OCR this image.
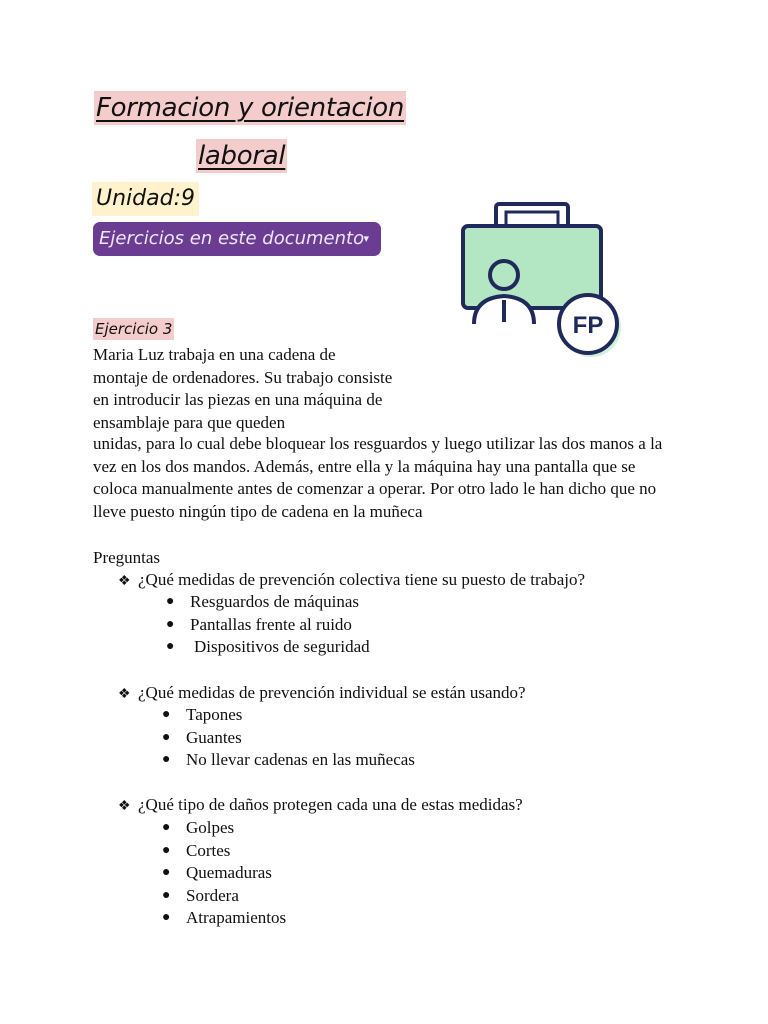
Formacion y orientacion
laboral
Unidad:9
Ejercicios en este documento ▾
FP
Ejercicio 3

Maria Luz trabaja en una cadena de montaje de ordenadores. Su trabajo consiste en introducir las piezas en una máquina de ensamblaje para que queden

unidas, para lo cual debe bloquear los resguardos y luego utilizar las dos manos a la vez en los dos mandos. Además, entre ella y la máquina hay una pantalla que se coloca manualmente antes de comenzar a operar. Por otro lado le han dicho que no lleve puesto ningún tipo de cadena en la muñeca

Preguntas
❖ ¿Qué medidas de prevención colectiva tiene su puesto de trabajo?
● Resguardos de máquinas
● Pantallas frente al ruido
● Dispositivos de seguridad
❖ ¿Qué medidas de prevención individual se están usando?
● Tapones
● Guantes
● No llevar cadenas en las muñecas
❖ ¿Qué tipo de daños protegen cada una de estas medidas?
● Golpes
● Cortes
● Quemaduras
● Sordera
● Atrapamientos
